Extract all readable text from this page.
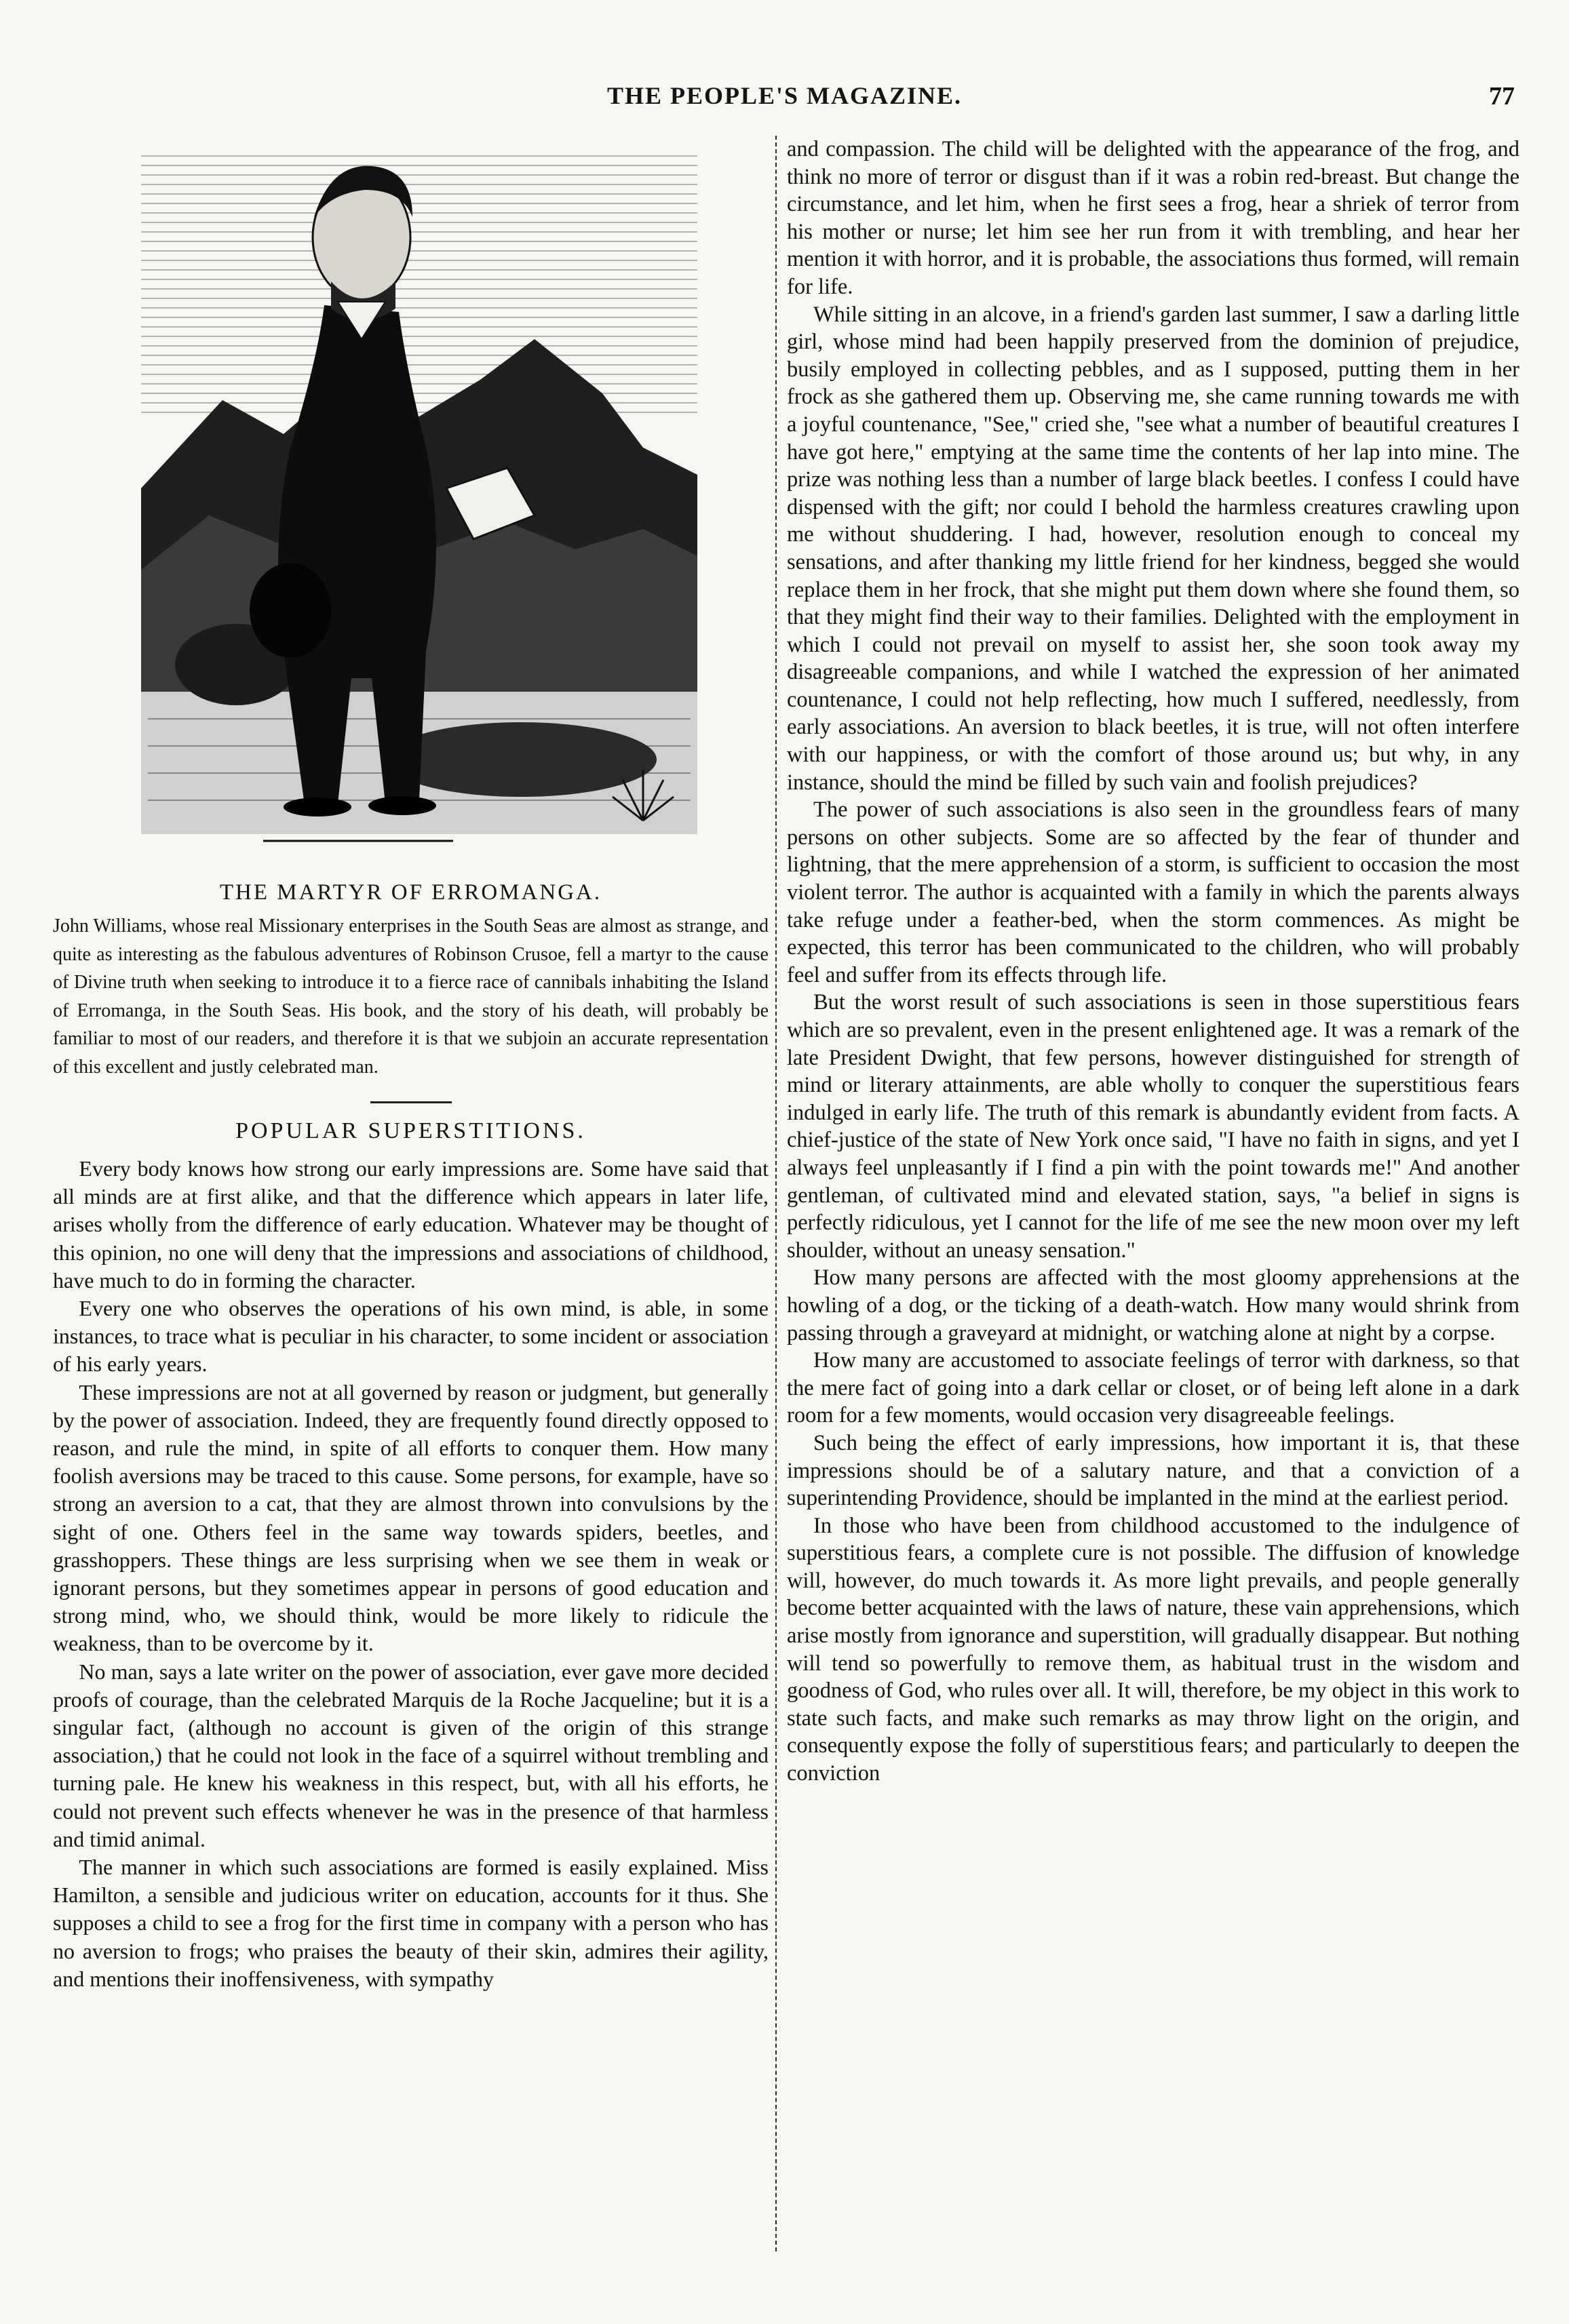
THE PEOPLE'S MAGAZINE.	77
THE MARTYR OF ERROMANGA.

John Williams, whose real Missionary enterprises in the South Seas are almost as strange, and quite as interesting as the fabulous adventures of Robinson Crusoe, fell a martyr to the cause of Divine truth when seeking to introduce it to a fierce race of cannibals inhabiting the Island of Erromanga, in the South Seas. His book, and the story of his death, will probably be familiar to most of our readers, and therefore it is that we subjoin an accurate representation of this excellent and justly celebrated man.

POPULAR SUPERSTITIONS.

Every body knows how strong our early impressions are. Some have said that all minds are at first alike, and that the difference which appears in later life, arises wholly from the difference of early education. Whatever may be thought of this opinion, no one will deny that the impressions and associations of childhood, have much to do in forming the character.

Every one who observes the operations of his own mind, is able, in some instances, to trace what is peculiar in his character, to some incident or association of his early years.

These impressions are not at all governed by reason or judgment, but generally by the power of association. Indeed, they are frequently found directly opposed to reason, and rule the mind, in spite of all efforts to conquer them. How many foolish aversions may be traced to this cause. Some persons, for example, have so strong an aversion to a cat, that they are almost thrown into convulsions by the sight of one. Others feel in the same way towards spiders, beetles, and grasshoppers. These things are less surprising when we see them in weak or ignorant persons, but they sometimes appear in persons of good education and strong mind, who, we should think, would be more likely to ridicule the weakness, than to be overcome by it.

No man, says a late writer on the power of association, ever gave more decided proofs of courage, than the celebrated Marquis de la Roche Jacqueline; but it is a singular fact, (although no account is given of the origin of this strange association,) that he could not look in the face of a squirrel without trembling and turning pale. He knew his weakness in this respect, but, with all his efforts, he could not prevent such effects whenever he was in the presence of that harmless and timid animal.

The manner in which such associations are formed is easily explained. Miss Hamilton, a sensible and judicious writer on education, accounts for it thus. She supposes a child to see a frog for the first time in company with a person who has no aversion to frogs; who praises the beauty of their skin, admires their agility, and mentions their inoffensiveness, with sympathy

and compassion. The child will be delighted with the appearance of the frog, and think no more of terror or disgust than if it was a robin red-breast. But change the circumstance, and let him, when he first sees a frog, hear a shriek of terror from his mother or nurse; let him see her run from it with trembling, and hear her mention it with horror, and it is probable, the associations thus formed, will remain for life.

While sitting in an alcove, in a friend's garden last summer, I saw a darling little girl, whose mind had been happily preserved from the dominion of prejudice, busily employed in collecting pebbles, and as I supposed, putting them in her frock as she gathered them up. Observing me, she came running towards me with a joyful countenance, "See," cried she, "see what a number of beautiful creatures I have got here," emptying at the same time the contents of her lap into mine. The prize was nothing less than a number of large black beetles. I confess I could have dispensed with the gift; nor could I behold the harmless creatures crawling upon me without shuddering. I had, however, resolution enough to conceal my sensations, and after thanking my little friend for her kindness, begged she would replace them in her frock, that she might put them down where she found them, so that they might find their way to their families. Delighted with the employment in which I could not prevail on myself to assist her, she soon took away my disagreeable companions, and while I watched the expression of her animated countenance, I could not help reflecting, how much I suffered, needlessly, from early associations. An aversion to black beetles, it is true, will not often interfere with our happiness, or with the comfort of those around us; but why, in any instance, should the mind be filled by such vain and foolish prejudices?

The power of such associations is also seen in the groundless fears of many persons on other subjects. Some are so affected by the fear of thunder and lightning, that the mere apprehension of a storm, is sufficient to occasion the most violent terror. The author is acquainted with a family in which the parents always take refuge under a feather-bed, when the storm commences. As might be expected, this terror has been communicated to the children, who will probably feel and suffer from its effects through life.

But the worst result of such associations is seen in those superstitious fears which are so prevalent, even in the present enlightened age. It was a remark of the late President Dwight, that few persons, however distinguished for strength of mind or literary attainments, are able wholly to conquer the superstitious fears indulged in early life. The truth of this remark is abundantly evident from facts. A chief-justice of the state of New York once said, "I have no faith in signs, and yet I always feel unpleasantly if I find a pin with the point towards me!" And another gentleman, of cultivated mind and elevated station, says, "a belief in signs is perfectly ridiculous, yet I cannot for the life of me see the new moon over my left shoulder, without an uneasy sensation."

How many persons are affected with the most gloomy apprehensions at the howling of a dog, or the ticking of a death-watch. How many would shrink from passing through a graveyard at midnight, or watching alone at night by a corpse.

How many are accustomed to associate feelings of terror with darkness, so that the mere fact of going into a dark cellar or closet, or of being left alone in a dark room for a few moments, would occasion very disagreeable feelings.

Such being the effect of early impressions, how important it is, that these impressions should be of a salutary nature, and that a conviction of a superintending Providence, should be implanted in the mind at the earliest period.

In those who have been from childhood accustomed to the indulgence of superstitious fears, a complete cure is not possible. The diffusion of knowledge will, however, do much towards it. As more light prevails, and people generally become better acquainted with the laws of nature, these vain apprehensions, which arise mostly from ignorance and superstition, will gradually disappear. But nothing will tend so powerfully to remove them, as habitual trust in the wisdom and goodness of God, who rules over all. It will, therefore, be my object in this work to state such facts, and make such remarks as may throw light on the origin, and consequently expose the folly of superstitious fears; and particularly to deepen the conviction
